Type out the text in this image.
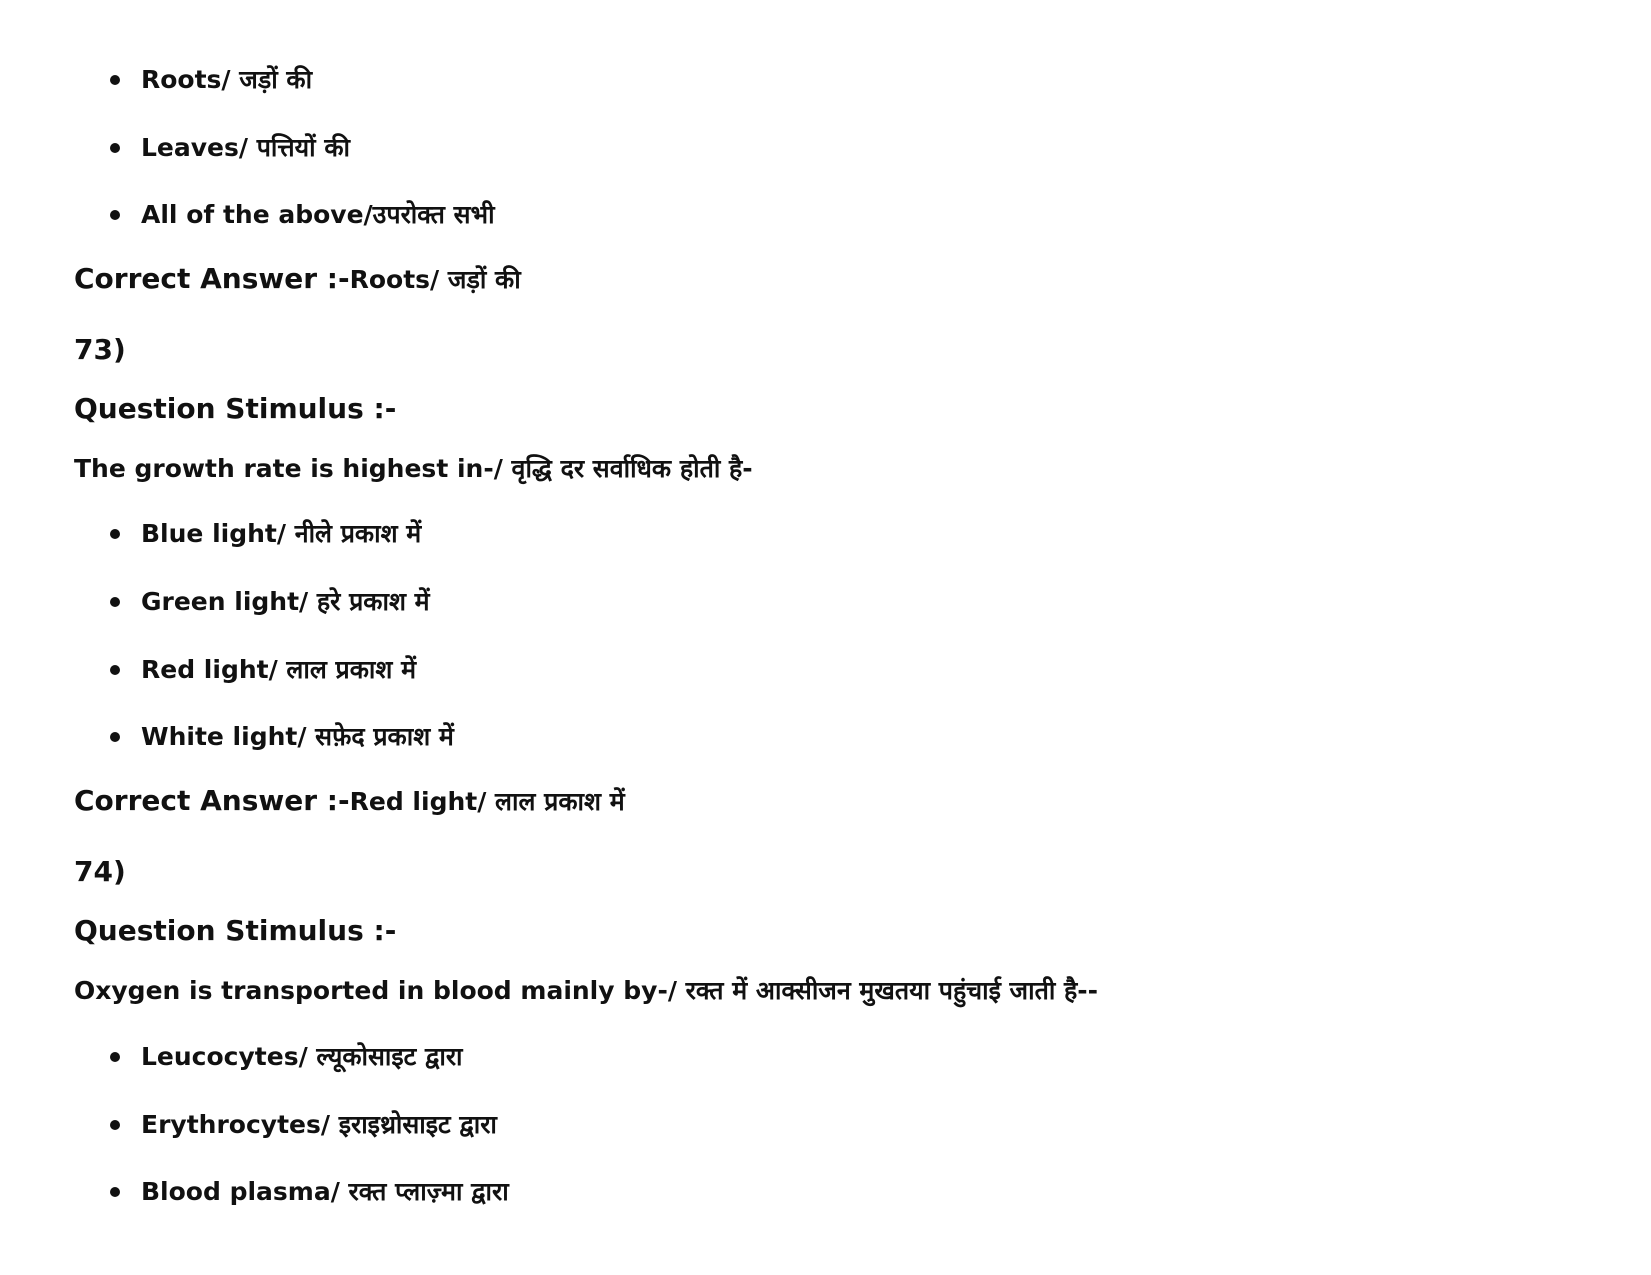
Roots/ जड़ों की
Leaves/ पत्तियों की
All of the above/उपरोक्त सभी
Correct Answer :-Roots/ जड़ों की
73)
Question Stimulus :-
The growth rate is highest in-/ वृद्धि दर सर्वाधिक होती है-
Blue light/ नीले प्रकाश में
Green light/ हरे प्रकाश में
Red light/ लाल प्रकाश में
White light/ सफ़ेद प्रकाश में
Correct Answer :-Red light/ लाल प्रकाश में
74)
Question Stimulus :-
Oxygen is transported in blood mainly by-/ रक्त में आक्सीजन मुखतया पहुंचाई जाती है--
Leucocytes/ ल्यूकोसाइट द्वारा
Erythrocytes/ इराइथ्रोसाइट द्वारा
Blood plasma/ रक्त प्लाज़्मा द्वारा
